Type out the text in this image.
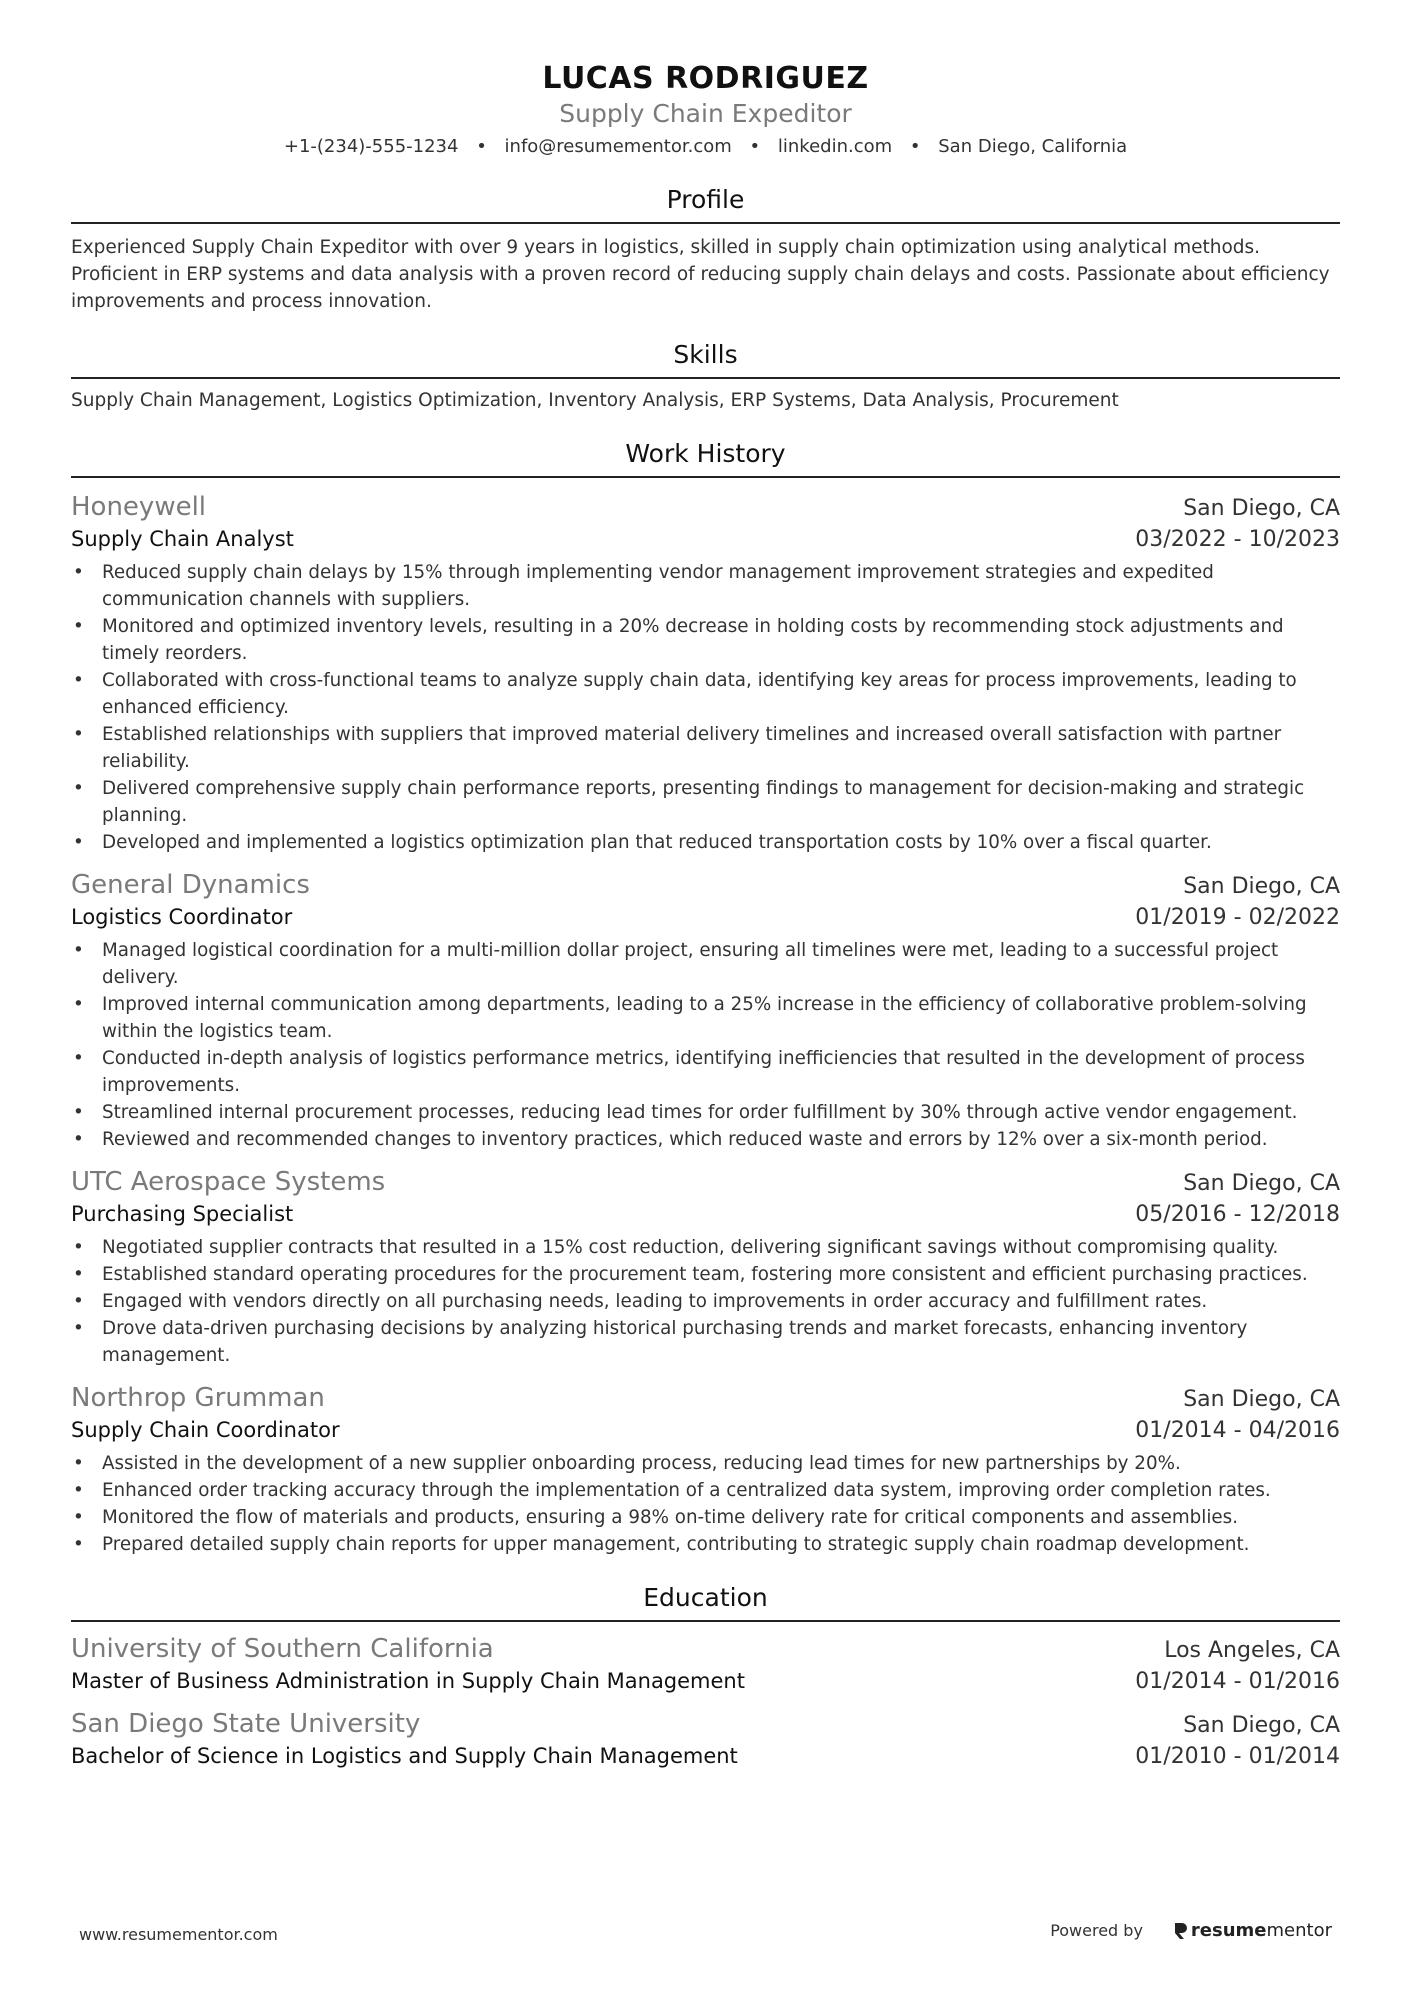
LUCAS RODRIGUEZ
Supply Chain Expeditor
+1-(234)-555-1234 • info@resumementor.com • linkedin.com • San Diego, California
Profile
Experienced Supply Chain Expeditor with over 9 years in logistics, skilled in supply chain optimization using analytical methods. Proficient in ERP systems and data analysis with a proven record of reducing supply chain delays and costs. Passionate about efficiency improvements and process innovation.
Skills
Supply Chain Management, Logistics Optimization, Inventory Analysis, ERP Systems, Data Analysis, Procurement
Work History
Honeywell	San Diego, CA
Supply Chain Analyst	03/2022 - 10/2023
• Reduced supply chain delays by 15% through implementing vendor management improvement strategies and expedited communication channels with suppliers.
• Monitored and optimized inventory levels, resulting in a 20% decrease in holding costs by recommending stock adjustments and timely reorders.
• Collaborated with cross-functional teams to analyze supply chain data, identifying key areas for process improvements, leading to enhanced efficiency.
• Established relationships with suppliers that improved material delivery timelines and increased overall satisfaction with partner reliability.
• Delivered comprehensive supply chain performance reports, presenting findings to management for decision-making and strategic planning.
• Developed and implemented a logistics optimization plan that reduced transportation costs by 10% over a fiscal quarter.
General Dynamics	San Diego, CA
Logistics Coordinator	01/2019 - 02/2022
• Managed logistical coordination for a multi-million dollar project, ensuring all timelines were met, leading to a successful project delivery.
• Improved internal communication among departments, leading to a 25% increase in the efficiency of collaborative problem-solving within the logistics team.
• Conducted in-depth analysis of logistics performance metrics, identifying inefficiencies that resulted in the development of process improvements.
• Streamlined internal procurement processes, reducing lead times for order fulfillment by 30% through active vendor engagement.
• Reviewed and recommended changes to inventory practices, which reduced waste and errors by 12% over a six-month period.
UTC Aerospace Systems	San Diego, CA
Purchasing Specialist	05/2016 - 12/2018
• Negotiated supplier contracts that resulted in a 15% cost reduction, delivering significant savings without compromising quality.
• Established standard operating procedures for the procurement team, fostering more consistent and efficient purchasing practices.
• Engaged with vendors directly on all purchasing needs, leading to improvements in order accuracy and fulfillment rates.
• Drove data-driven purchasing decisions by analyzing historical purchasing trends and market forecasts, enhancing inventory management.
Northrop Grumman	San Diego, CA
Supply Chain Coordinator	01/2014 - 04/2016
• Assisted in the development of a new supplier onboarding process, reducing lead times for new partnerships by 20%.
• Enhanced order tracking accuracy through the implementation of a centralized data system, improving order completion rates.
• Monitored the flow of materials and products, ensuring a 98% on-time delivery rate for critical components and assemblies.
• Prepared detailed supply chain reports for upper management, contributing to strategic supply chain roadmap development.
Education
University of Southern California	Los Angeles, CA
Master of Business Administration in Supply Chain Management	01/2014 - 01/2016
San Diego State University	San Diego, CA
Bachelor of Science in Logistics and Supply Chain Management	01/2010 - 01/2014
www.resumementor.com	Powered by	resumementor
